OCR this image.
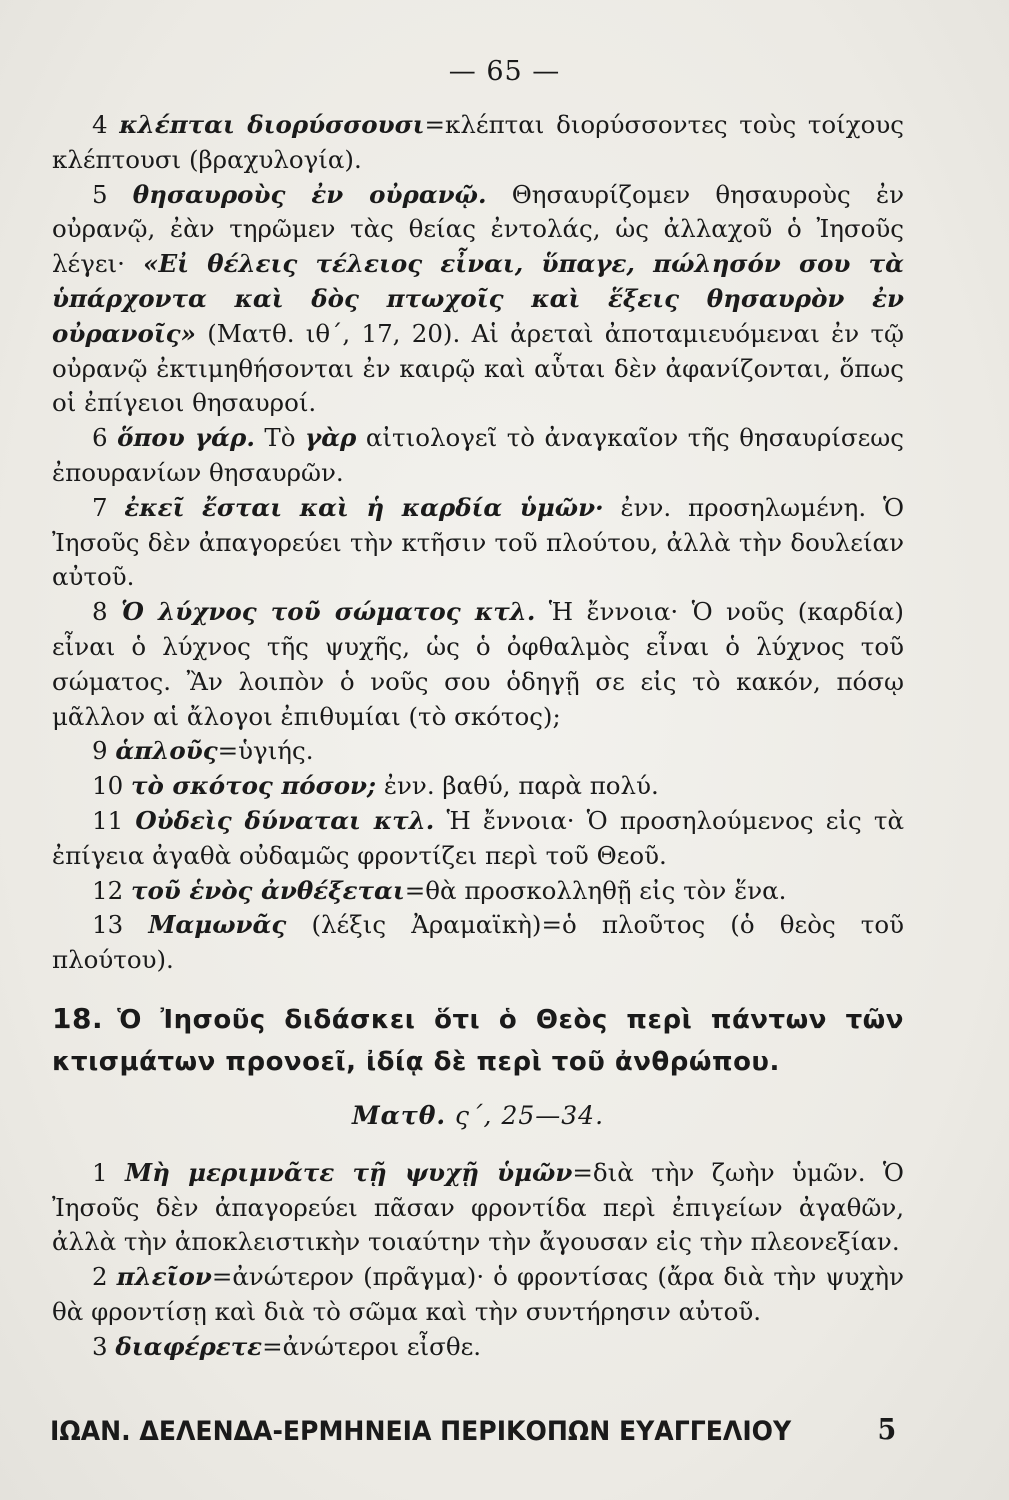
— 65 —

4 κλέπται διορύσσουσι=κλέπται διορύσσοντες τοὺς τοίχους κλέπτουσι (βραχυλογία).

5 θησαυροὺς ἐν οὐρανῷ. Θησαυρίζομεν θησαυροὺς ἐν οὐρανῷ, ἐὰν τηρῶμεν τὰς θείας ἐντολάς, ὡς ἀλλαχοῦ ὁ Ἰησοῦς λέγει· «Εἰ θέλεις τέλειος εἶναι, ὕπαγε, πώλησόν σου τὰ ὑπάρχοντα καὶ δὸς πτωχοῖς καὶ ἕξεις θησαυρὸν ἐν οὐρανοῖς» (Ματθ. ιθ΄, 17, 20). Αἱ ἀρεταὶ ἀποταμιευόμεναι ἐν τῷ οὐρανῷ ἐκτιμηθήσονται ἐν καιρῷ καὶ αὗται δὲν ἀφανίζονται, ὅπως οἱ ἐπίγειοι θησαυροί.

6 ὅπου γάρ. Τὸ γὰρ αἰτιολογεῖ τὸ ἀναγκαῖον τῆς θησαυρίσεως ἐπουρανίων θησαυρῶν.

7 ἐκεῖ ἔσται καὶ ἡ καρδία ὑμῶν· ἐνν. προσηλωμένη. Ὁ Ἰησοῦς δὲν ἀπαγορεύει τὴν κτῆσιν τοῦ πλούτου, ἀλλὰ τὴν δουλείαν αὐτοῦ.

8 Ὁ λύχνος τοῦ σώματος κτλ. Ἡ ἔννοια· Ὁ νοῦς (καρδία) εἶναι ὁ λύχνος τῆς ψυχῆς, ὡς ὁ ὀφθαλμὸς εἶναι ὁ λύχνος τοῦ σώματος. Ἂν λοιπὸν ὁ νοῦς σου ὁδηγῇ σε εἰς τὸ κακόν, πόσῳ μᾶλλον αἱ ἄλογοι ἐπιθυμίαι (τὸ σκότος);

9 ἁπλοῦς=ὑγιής.

10 τὸ σκότος πόσον; ἐνν. βαθύ, παρὰ πολύ.

11 Οὐδεὶς δύναται κτλ. Ἡ ἔννοια· Ὁ προσηλούμενος εἰς τὰ ἐπίγεια ἀγαθὰ οὐδαμῶς φροντίζει περὶ τοῦ Θεοῦ.

12 τοῦ ἑνὸς ἀνθέξεται=θὰ προσκολληθῇ εἰς τὸν ἕνα.

13 Μαμωνᾶς (λέξις Ἀραμαϊκὴ)=ὁ πλοῦτος (ὁ θεὸς τοῦ πλούτου).

18. Ὁ Ἰησοῦς διδάσκει ὅτι ὁ Θεὸς περὶ πάντων τῶν κτισμάτων προνοεῖ, ἰδίᾳ δὲ περὶ τοῦ ἀνθρώπου.

Ματθ. ς΄, 25—34.

1 Μὴ μεριμνᾶτε τῇ ψυχῇ ὑμῶν=διὰ τὴν ζωὴν ὑμῶν. Ὁ Ἰησοῦς δὲν ἀπαγορεύει πᾶσαν φροντίδα περὶ ἐπιγείων ἀγαθῶν, ἀλλὰ τὴν ἀποκλειστικὴν τοιαύτην τὴν ἄγουσαν εἰς τὴν πλεονεξίαν.

2 πλεῖον=ἀνώτερον (πρᾶγμα)· ὁ φροντίσας (ἄρα διὰ τὴν ψυχὴν θὰ φροντίσῃ καὶ διὰ τὸ σῶμα καὶ τὴν συντήρησιν αὐτοῦ.

3 διαφέρετε=ἀνώτεροι εἶσθε.

ΙΩΑΝ. ΔΕΛΕΝΔΑ-ΕΡΜΗΝΕΙΑ ΠΕΡΙΚΟΠΩΝ ΕΥΑΓΓΕΛΙΟΥ	5
